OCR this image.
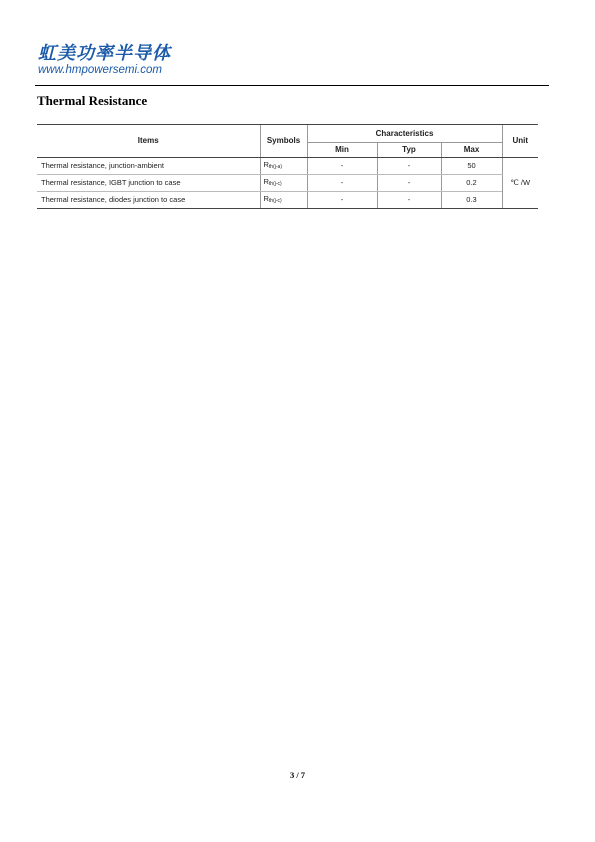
虹美功率半导体
www.hmpowersemi.com
Thermal Resistance
Items	Symbols	Characteristics			Unit
		Min	Typ	Max	
Thermal resistance, junction-ambient	$R_{th(j-a)}$	-	-	50	℃ /W
Thermal resistance, IGBT junction to case	$R_{th(j-c)}$	-	-	0.2	
Thermal resistance, diodes junction to case	$R_{th(j-c)}$	-	-	0.3	
3 / 7
